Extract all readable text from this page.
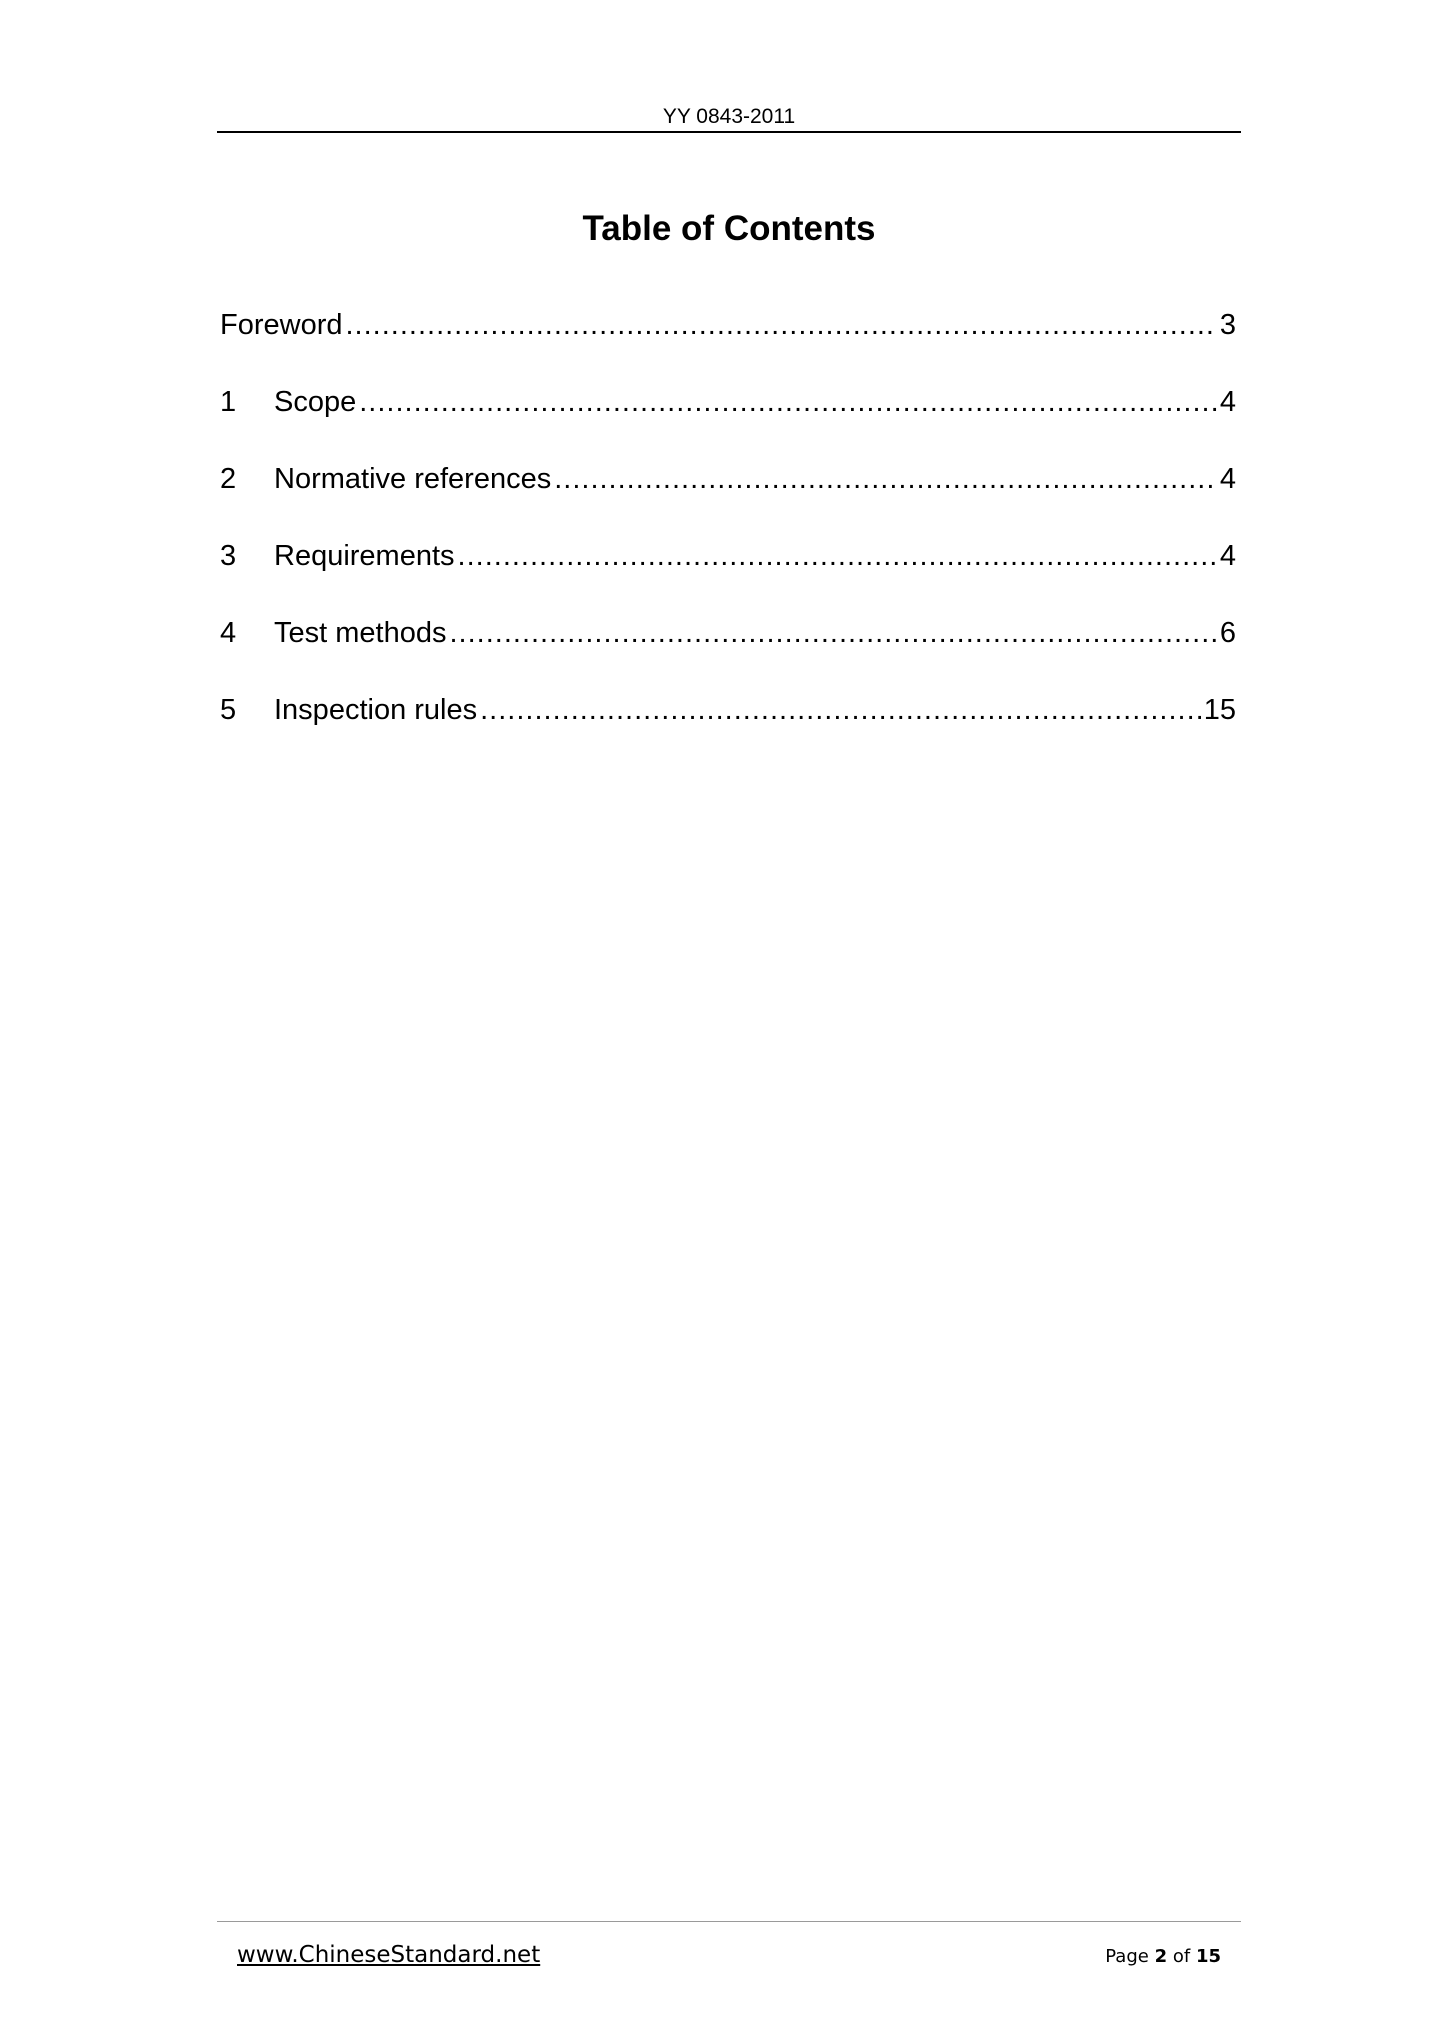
YY 0843-2011
Table of Contents
Foreword .....	3
1	Scope .....	4
2	Normative references .....	4
3	Requirements .....	4
4	Test methods .....	6
5	Inspection rules .....	15
www.ChineseStandard.net	Page 2 of 15
